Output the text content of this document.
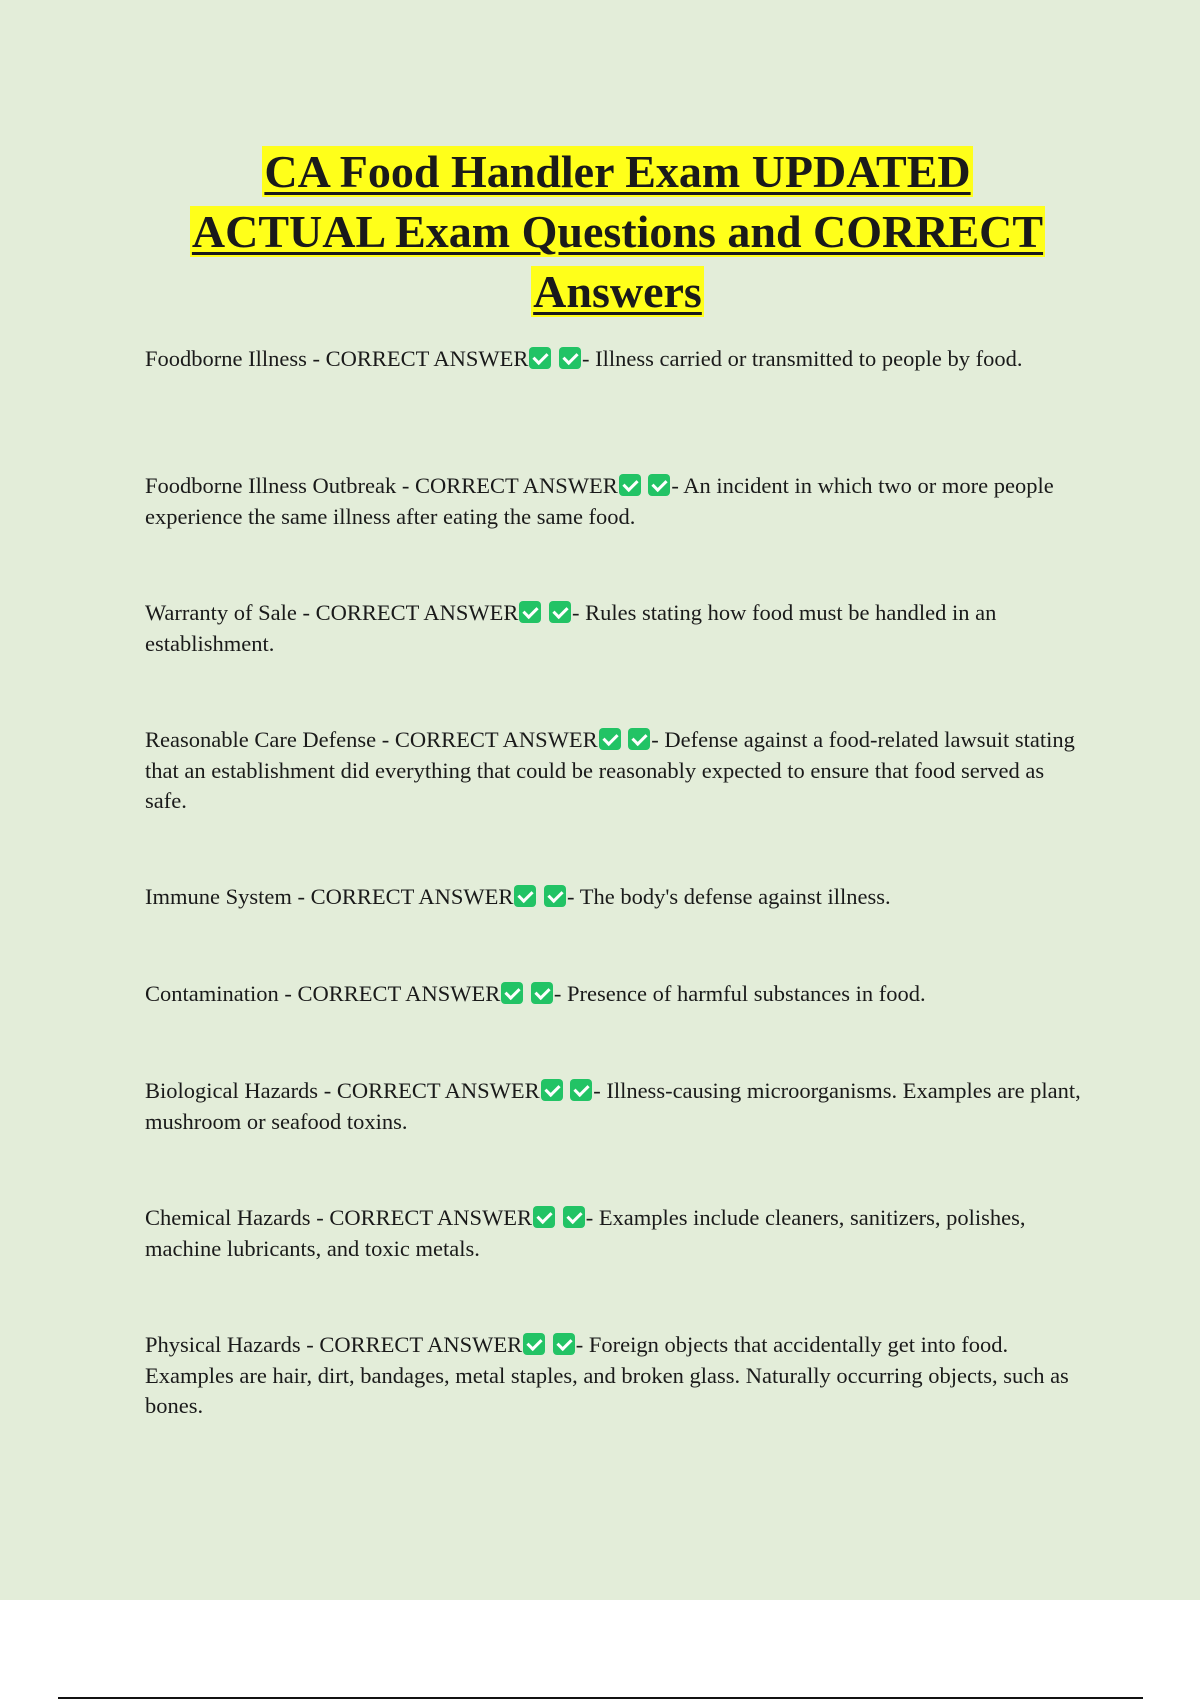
CA Food Handler Exam UPDATED
ACTUAL Exam Questions and CORRECT
Answers

Foodborne Illness - CORRECT ANSWER - Illness carried or transmitted to people by food.

Foodborne Illness Outbreak - CORRECT ANSWER - An incident in which two or more people experience the same illness after eating the same food.

Warranty of Sale - CORRECT ANSWER - Rules stating how food must be handled in an establishment.

Reasonable Care Defense - CORRECT ANSWER - Defense against a food-related lawsuit stating that an establishment did everything that could be reasonably expected to ensure that food served as safe.

Immune System - CORRECT ANSWER - The body's defense against illness.

Contamination - CORRECT ANSWER - Presence of harmful substances in food.

Biological Hazards - CORRECT ANSWER - Illness-causing microorganisms. Examples are plant, mushroom or seafood toxins.

Chemical Hazards - CORRECT ANSWER - Examples include cleaners, sanitizers, polishes, machine lubricants, and toxic metals.

Physical Hazards - CORRECT ANSWER - Foreign objects that accidentally get into food. Examples are hair, dirt, bandages, metal staples, and broken glass. Naturally occurring objects, such as bones.
